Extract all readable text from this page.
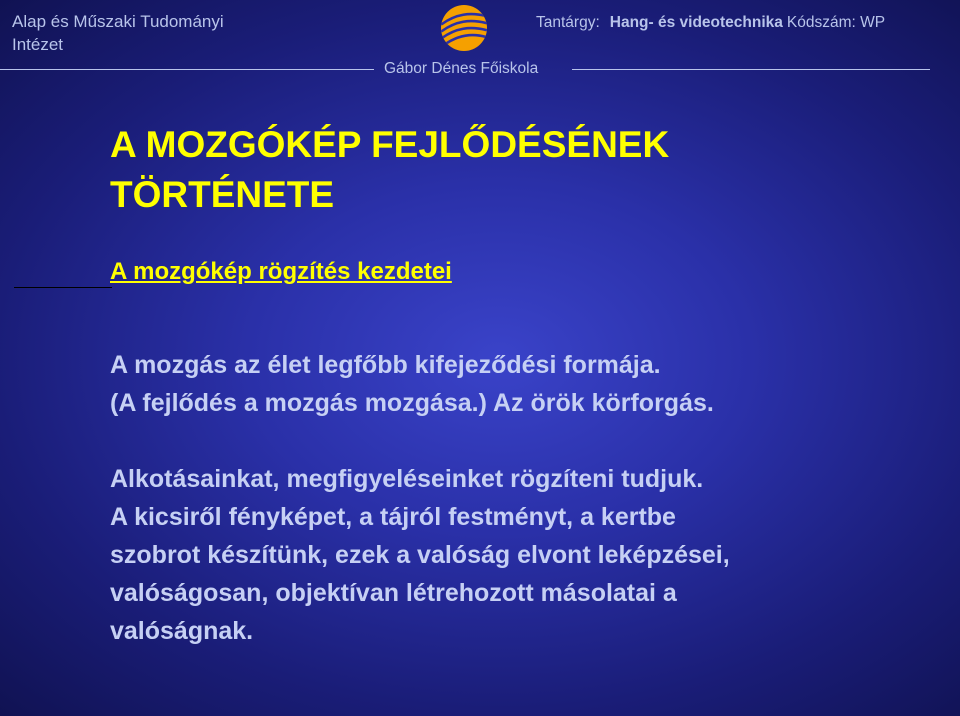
Alap és Műszaki Tudományi
Intézet
Tantárgy: Hang- és videotechnika Kódszám: WP
Gábor Dénes Főiskola
A MOZGÓKÉP FEJLŐDÉSÉNEK
TÖRTÉNETE
A mozgókép rögzítés kezdetei

A mozgás az élet legfőbb kifejeződési formája.
(A fejlődés a mozgás mozgása.) Az örök körforgás.

Alkotásainkat, megfigyeléseinket rögzíteni tudjuk.
A kicsiről fényképet, a tájról festményt, a kertbe
szobrot készítünk, ezek a valóság elvont leképzései,
valóságosan, objektívan létrehozott másolatai a
valóságnak.
